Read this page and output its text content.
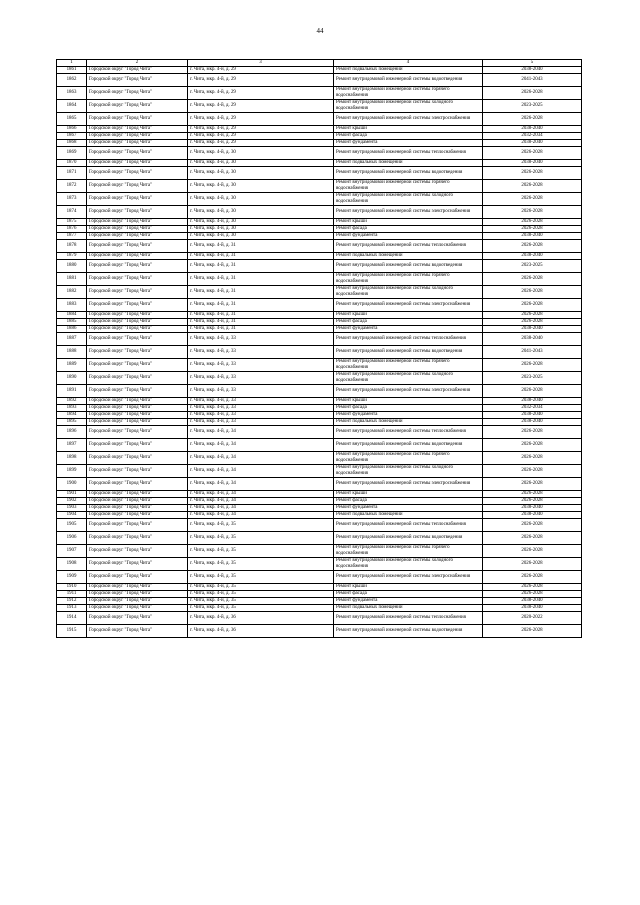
44
1	2	3	4	5
1861	Городской округ "Город Чита"	г. Чита, мкр. 4-й, д. 29	Ремонт подвальных помещений	2038-2040
1862	Городской округ "Город Чита"	г. Чита, мкр. 4-й, д. 29	Ремонт внутридомовой инженерной системы водоотведения	2041-2043
1863	Городской округ "Город Чита"	г. Чита, мкр. 4-й, д. 29	Ремонт внутридомовой инженерной системы горячего водоснабжения	2026-2028
1864	Городской округ "Город Чита"	г. Чита, мкр. 4-й, д. 29	Ремонт внутридомовой инженерной системы холодного водоснабжения	2023-2025
1865	Городской округ "Город Чита"	г. Чита, мкр. 4-й, д. 29	Ремонт внутридомовой инженерной системы электроснабжения	2026-2028
1866	Городской округ "Город Чита"	г. Чита, мкр. 4-й, д. 29	Ремонт крыши	2038-2040
1867	Городской округ "Город Чита"	г. Чита, мкр. 4-й, д. 29	Ремонт фасада	2032-2034
1868	Городской округ "Город Чита"	г. Чита, мкр. 4-й, д. 29	Ремонт фундамента	2038-2040
1869	Городской округ "Город Чита"	г. Чита, мкр. 4-й, д. 30	Ремонт внутридомовой инженерной системы теплоснабжения	2026-2028
1870	Городской округ "Город Чита"	г. Чита, мкр. 4-й, д. 30	Ремонт подвальных помещений	2038-2040
1871	Городской округ "Город Чита"	г. Чита, мкр. 4-й, д. 30	Ремонт внутридомовой инженерной системы водоотведения	2026-2028
1872	Городской округ "Город Чита"	г. Чита, мкр. 4-й, д. 30	Ремонт внутридомовой инженерной системы горячего водоснабжения	2026-2028
1873	Городской округ "Город Чита"	г. Чита, мкр. 4-й, д. 30	Ремонт внутридомовой инженерной системы холодного водоснабжения	2026-2028
1874	Городской округ "Город Чита"	г. Чита, мкр. 4-й, д. 30	Ремонт внутридомовой инженерной системы электроснабжения	2026-2028
1875	Городской округ "Город Чита"	г. Чита, мкр. 4-й, д. 30	Ремонт крыши	2026-2028
1876	Городской округ "Город Чита"	г. Чита, мкр. 4-й, д. 30	Ремонт фасада	2026-2028
1877	Городской округ "Город Чита"	г. Чита, мкр. 4-й, д. 30	Ремонт фундамента	2038-2040
1878	Городской округ "Город Чита"	г. Чита, мкр. 4-й, д. 31	Ремонт внутридомовой инженерной системы теплоснабжения	2026-2028
1879	Городской округ "Город Чита"	г. Чита, мкр. 4-й, д. 31	Ремонт подвальных помещений	2038-2040
1880	Городской округ "Город Чита"	г. Чита, мкр. 4-й, д. 31	Ремонт внутридомовой инженерной системы водоотведения	2023-2025
1881	Городской округ "Город Чита"	г. Чита, мкр. 4-й, д. 31	Ремонт внутридомовой инженерной системы горячего водоснабжения	2026-2028
1882	Городской округ "Город Чита"	г. Чита, мкр. 4-й, д. 31	Ремонт внутридомовой инженерной системы холодного водоснабжения	2026-2028
1883	Городской округ "Город Чита"	г. Чита, мкр. 4-й, д. 31	Ремонт внутридомовой инженерной системы электроснабжения	2026-2028
1884	Городской округ "Город Чита"	г. Чита, мкр. 4-й, д. 31	Ремонт крыши	2026-2028
1885	Городской округ "Город Чита"	г. Чита, мкр. 4-й, д. 31	Ремонт фасада	2026-2028
1886	Городской округ "Город Чита"	г. Чита, мкр. 4-й, д. 31	Ремонт фундамента	2038-2040
1887	Городской округ "Город Чита"	г. Чита, мкр. 4-й, д. 33	Ремонт внутридомовой инженерной системы теплоснабжения	2038-2040
1888	Городской округ "Город Чита"	г. Чита, мкр. 4-й, д. 33	Ремонт внутридомовой инженерной системы водоотведения	2041-2043
1889	Городской округ "Город Чита"	г. Чита, мкр. 4-й, д. 33	Ремонт внутридомовой инженерной системы горячего водоснабжения	2026-2028
1890	Городской округ "Город Чита"	г. Чита, мкр. 4-й, д. 33	Ремонт внутридомовой инженерной системы холодного водоснабжения	2023-2025
1891	Городской округ "Город Чита"	г. Чита, мкр. 4-й, д. 33	Ремонт внутридомовой инженерной системы электроснабжения	2026-2028
1892	Городской округ "Город Чита"	г. Чита, мкр. 4-й, д. 33	Ремонт крыши	2038-2040
1893	Городской округ "Город Чита"	г. Чита, мкр. 4-й, д. 33	Ремонт фасада	2032-2034
1894	Городской округ "Город Чита"	г. Чита, мкр. 4-й, д. 33	Ремонт фундамента	2038-2040
1895	Городской округ "Город Чита"	г. Чита, мкр. 4-й, д. 33	Ремонт подвальных помещений	2038-2040
1896	Городской округ "Город Чита"	г. Чита, мкр. 4-й, д. 34	Ремонт внутридомовой инженерной системы теплоснабжения	2026-2028
1897	Городской округ "Город Чита"	г. Чита, мкр. 4-й, д. 34	Ремонт внутридомовой инженерной системы водоотведения	2026-2028
1898	Городской округ "Город Чита"	г. Чита, мкр. 4-й, д. 34	Ремонт внутридомовой инженерной системы горячего водоснабжения	2026-2028
1899	Городской округ "Город Чита"	г. Чита, мкр. 4-й, д. 34	Ремонт внутридомовой инженерной системы холодного водоснабжения	2026-2028
1900	Городской округ "Город Чита"	г. Чита, мкр. 4-й, д. 34	Ремонт внутридомовой инженерной системы электроснабжения	2026-2028
1901	Городской округ "Город Чита"	г. Чита, мкр. 4-й, д. 34	Ремонт крыши	2026-2028
1902	Городской округ "Город Чита"	г. Чита, мкр. 4-й, д. 34	Ремонт фасада	2026-2028
1903	Городской округ "Город Чита"	г. Чита, мкр. 4-й, д. 34	Ремонт фундамента	2038-2040
1904	Городской округ "Город Чита"	г. Чита, мкр. 4-й, д. 34	Ремонт подвальных помещений	2038-2040
1905	Городской округ "Город Чита"	г. Чита, мкр. 4-й, д. 35	Ремонт внутридомовой инженерной системы теплоснабжения	2026-2028
1906	Городской округ "Город Чита"	г. Чита, мкр. 4-й, д. 35	Ремонт внутридомовой инженерной системы водоотведения	2026-2028
1907	Городской округ "Город Чита"	г. Чита, мкр. 4-й, д. 35	Ремонт внутридомовой инженерной системы горячего водоснабжения	2026-2028
1908	Городской округ "Город Чита"	г. Чита, мкр. 4-й, д. 35	Ремонт внутридомовой инженерной системы холодного водоснабжения	2026-2028
1909	Городской округ "Город Чита"	г. Чита, мкр. 4-й, д. 35	Ремонт внутридомовой инженерной системы электроснабжения	2026-2028
1910	Городской округ "Город Чита"	г. Чита, мкр. 4-й, д. 35	Ремонт крыши	2026-2028
1911	Городской округ "Город Чита"	г. Чита, мкр. 4-й, д. 35	Ремонт фасада	2026-2028
1912	Городской округ "Город Чита"	г. Чита, мкр. 4-й, д. 35	Ремонт фундамента	2038-2040
1913	Городской округ "Город Чита"	г. Чита, мкр. 4-й, д. 35	Ремонт подвальных помещений	2038-2040
1914	Городской округ "Город Чита"	г. Чита, мкр. 4-й, д. 36	Ремонт внутридомовой инженерной системы теплоснабжения	2020-2022
1915	Городской округ "Город Чита"	г. Чита, мкр. 4-й, д. 36	Ремонт внутридомовой инженерной системы водоотведения	2026-2028
